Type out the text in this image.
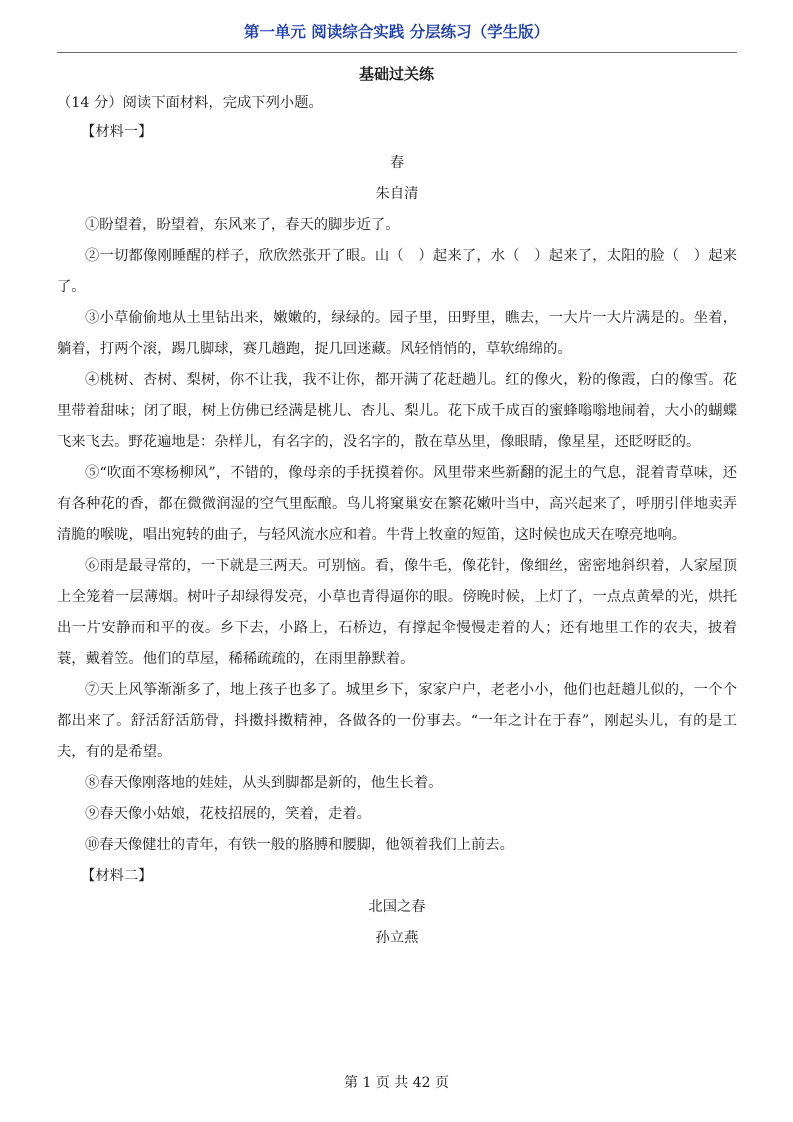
第一单元 阅读综合实践 分层练习（学生版）
基础过关练

（14 分）阅读下面材料，完成下列小题。

【材料一】

春

朱自清

①盼望着，盼望着，东风来了，春天的脚步近了。

②一切都像刚睡醒的样子，欣欣然张开了眼。山（　）起来了，水（　）起来了，太阳的脸（　）起来了。

③小草偷偷地从土里钻出来，嫩嫩的，绿绿的。园子里，田野里，瞧去，一大片一大片满是的。坐着，躺着，打两个滚，踢几脚球，赛几趟跑，捉几回迷藏。风轻悄悄的，草软绵绵的。

④桃树、杏树、梨树，你不让我，我不让你，都开满了花赶趟儿。红的像火，粉的像霞，白的像雪。花里带着甜味；闭了眼，树上仿佛已经满是桃儿、杏儿、梨儿。花下成千成百的蜜蜂嗡嗡地闹着，大小的蝴蝶飞来飞去。野花遍地是：杂样儿，有名字的，没名字的，散在草丛里，像眼睛，像星星，还眨呀眨的。

⑤“吹面不寒杨柳风”，不错的，像母亲的手抚摸着你。风里带来些新翻的泥土的气息，混着青草味，还有各种花的香，都在微微润湿的空气里酝酿。鸟儿将窠巢安在繁花嫩叶当中，高兴起来了，呼朋引伴地卖弄清脆的喉咙，唱出宛转的曲子，与轻风流水应和着。牛背上牧童的短笛，这时候也成天在嘹亮地响。

⑥雨是最寻常的，一下就是三两天。可别恼。看，像牛毛，像花针，像细丝，密密地斜织着，人家屋顶上全笼着一层薄烟。树叶子却绿得发亮，小草也青得逼你的眼。傍晚时候，上灯了，一点点黄晕的光，烘托出一片安静而和平的夜。乡下去，小路上，石桥边，有撑起伞慢慢走着的人；还有地里工作的农夫，披着蓑，戴着笠。他们的草屋，稀稀疏疏的，在雨里静默着。

⑦天上风筝渐渐多了，地上孩子也多了。城里乡下，家家户户，老老小小，他们也赶趟儿似的，一个个都出来了。舒活舒活筋骨，抖擞抖擞精神，各做各的一份事去。“一年之计在于春”，刚起头儿，有的是工夫，有的是希望。

⑧春天像刚落地的娃娃，从头到脚都是新的，他生长着。

⑨春天像小姑娘，花枝招展的，笑着，走着。

⑩春天像健壮的青年，有铁一般的胳膊和腰脚，他领着我们上前去。

【材料二】

北国之春

孙立燕

第 1 页 共 42 页
